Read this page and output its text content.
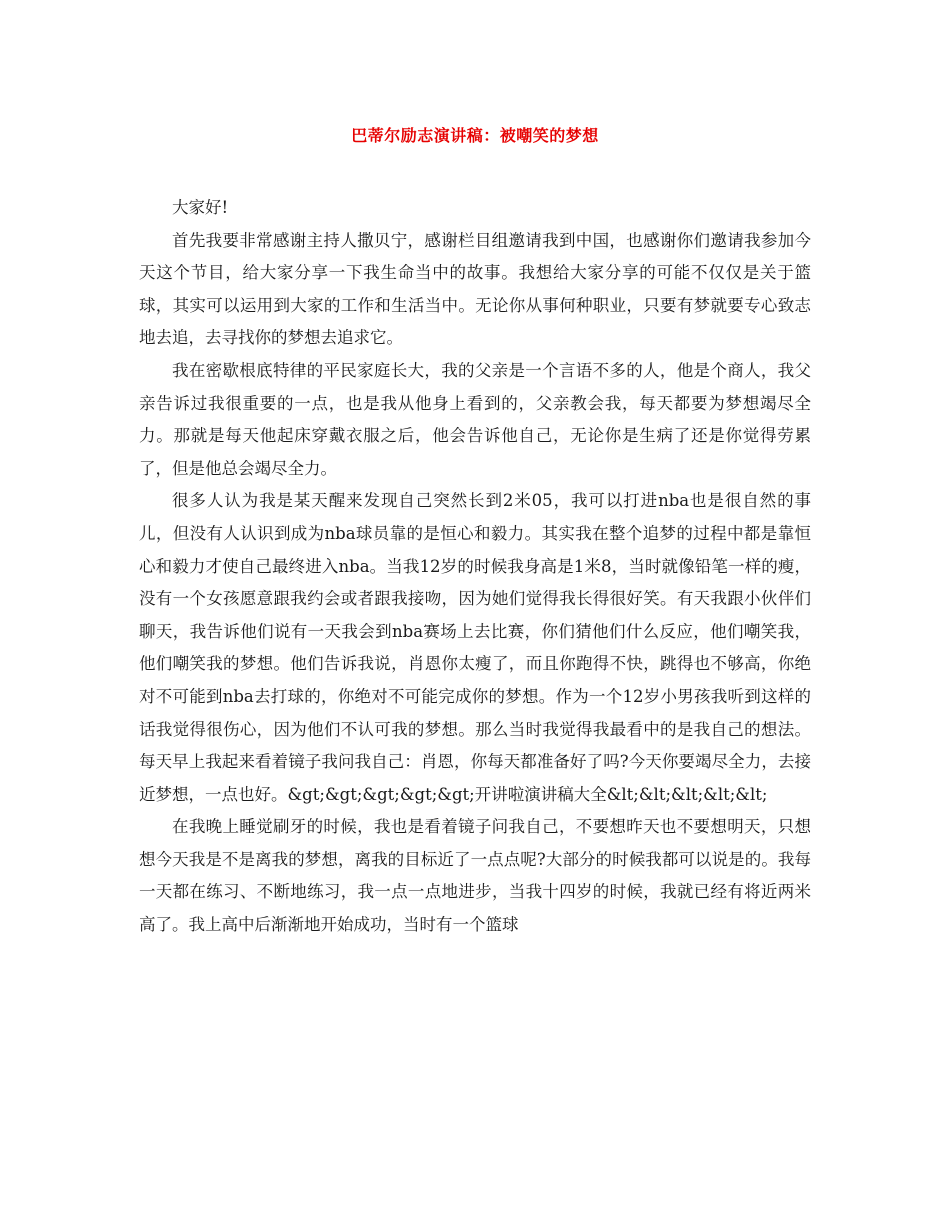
巴蒂尔励志演讲稿：被嘲笑的梦想

大家好!

首先我要非常感谢主持人撒贝宁，感谢栏目组邀请我到中国，也感谢你们邀请我参加今天这个节目，给大家分享一下我生命当中的故事。我想给大家分享的可能不仅仅是关于篮球，其实可以运用到大家的工作和生活当中。无论你从事何种职业，只要有梦就要专心致志地去追，去寻找你的梦想去追求它。

我在密歇根底特律的平民家庭长大，我的父亲是一个言语不多的人，他是个商人，我父亲告诉过我很重要的一点，也是我从他身上看到的，父亲教会我，每天都要为梦想竭尽全力。那就是每天他起床穿戴衣服之后，他会告诉他自己，无论你是生病了还是你觉得劳累了，但是他总会竭尽全力。

很多人认为我是某天醒来发现自己突然长到2米05，我可以打进nba也是很自然的事儿，但没有人认识到成为nba球员靠的是恒心和毅力。其实我在整个追梦的过程中都是靠恒心和毅力才使自己最终进入nba。当我12岁的时候我身高是1米8，当时就像铅笔一样的瘦，没有一个女孩愿意跟我约会或者跟我接吻，因为她们觉得我长得很好笑。有天我跟小伙伴们聊天，我告诉他们说有一天我会到nba赛场上去比赛，你们猜他们什么反应，他们嘲笑我，他们嘲笑我的梦想。他们告诉我说，肖恩你太瘦了，而且你跑得不快，跳得也不够高，你绝对不可能到nba去打球的，你绝对不可能完成你的梦想。作为一个12岁小男孩我听到这样的话我觉得很伤心，因为他们不认可我的梦想。那么当时我觉得我最看中的是我自己的想法。 每天早上我起来看着镜子我问我自己：肖恩，你每天都准备好了吗?今天你要竭尽全力，去接近梦想，一点也好。&gt;&gt;&gt;&gt;&gt;开讲啦演讲稿大全&lt;&lt;&lt;&lt;&lt;

在我晚上睡觉刷牙的时候，我也是看着镜子问我自己，不要想昨天也不要想明天，只想想今天我是不是离我的梦想，离我的目标近了一点点呢?大部分的时候我都可以说是的。我每一天都在练习、不断地练习，我一点一点地进步，当我十四岁的时候，我就已经有将近两米高了。我上高中后渐渐地开始成功，当时有一个篮球
